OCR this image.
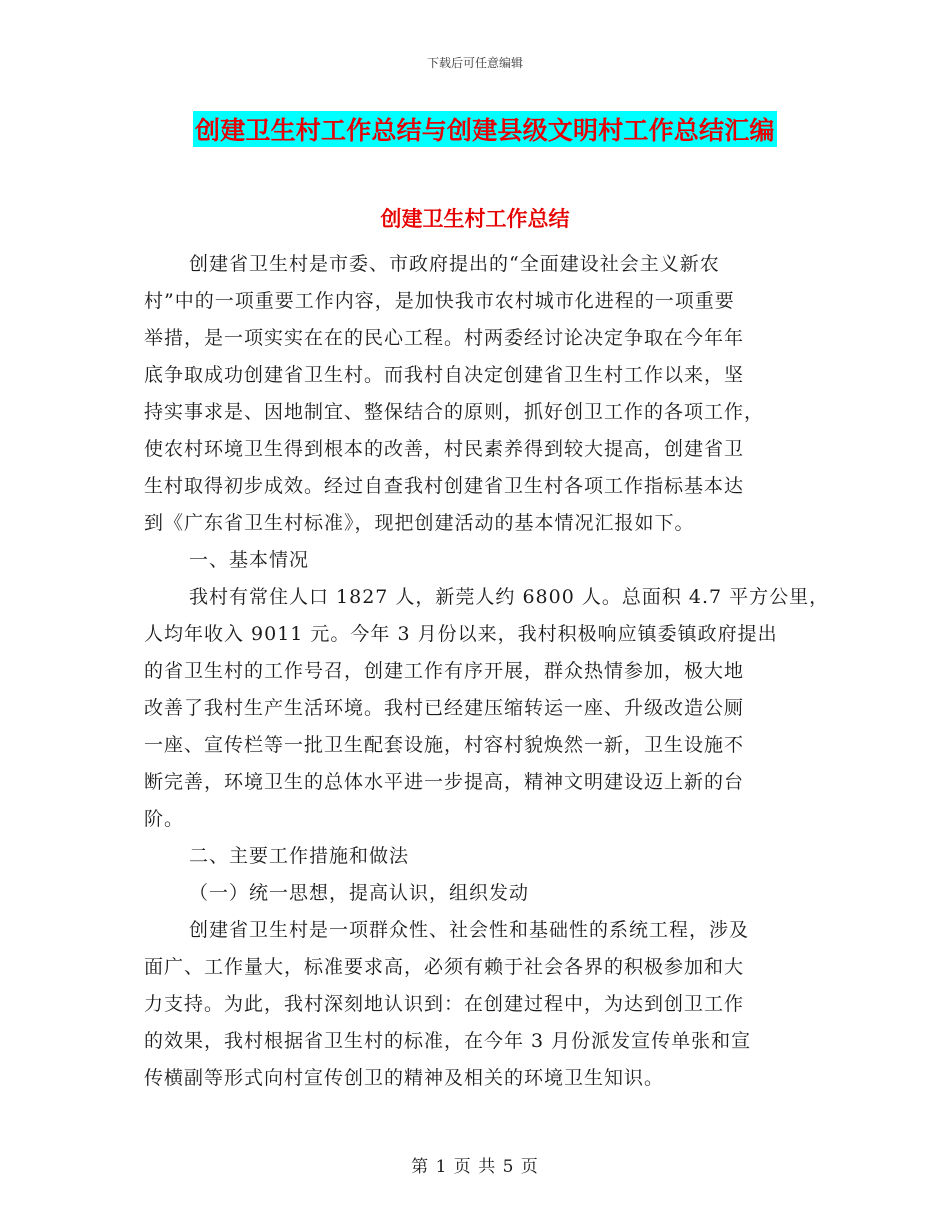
下载后可任意编辑
创建卫生村工作总结与创建县级文明村工作总结汇编
创建卫生村工作总结
创建省卫生村是市委、市政府提出的“全面建设社会主义新农
村”中的一项重要工作内容，是加快我市农村城市化进程的一项重要
举措，是一项实实在在的民心工程。村两委经讨论决定争取在今年年
底争取成功创建省卫生村。而我村自决定创建省卫生村工作以来，坚
持实事求是、因地制宜、整保结合的原则，抓好创卫工作的各项工作，
使农村环境卫生得到根本的改善，村民素养得到较大提高，创建省卫
生村取得初步成效。经过自查我村创建省卫生村各项工作指标基本达
到《广东省卫生村标准》，现把创建活动的基本情况汇报如下。
一、基本情况
我村有常住人口 1827 人，新莞人约 6800 人。总面积 4.7 平方公里，
人均年收入 9011 元。今年 3 月份以来，我村积极响应镇委镇政府提出
的省卫生村的工作号召，创建工作有序开展，群众热情参加，极大地
改善了我村生产生活环境。我村已经建压缩转运一座、升级改造公厕
一座、宣传栏等一批卫生配套设施，村容村貌焕然一新，卫生设施不
断完善，环境卫生的总体水平进一步提高，精神文明建设迈上新的台
阶。
二、主要工作措施和做法
（一）统一思想，提高认识，组织发动
创建省卫生村是一项群众性、社会性和基础性的系统工程，涉及
面广、工作量大，标准要求高，必须有赖于社会各界的积极参加和大
力支持。为此，我村深刻地认识到：在创建过程中，为达到创卫工作
的效果，我村根据省卫生村的标准，在今年 3 月份派发宣传单张和宣
传横副等形式向村宣传创卫的精神及相关的环境卫生知识。
第 1 页 共 5 页
